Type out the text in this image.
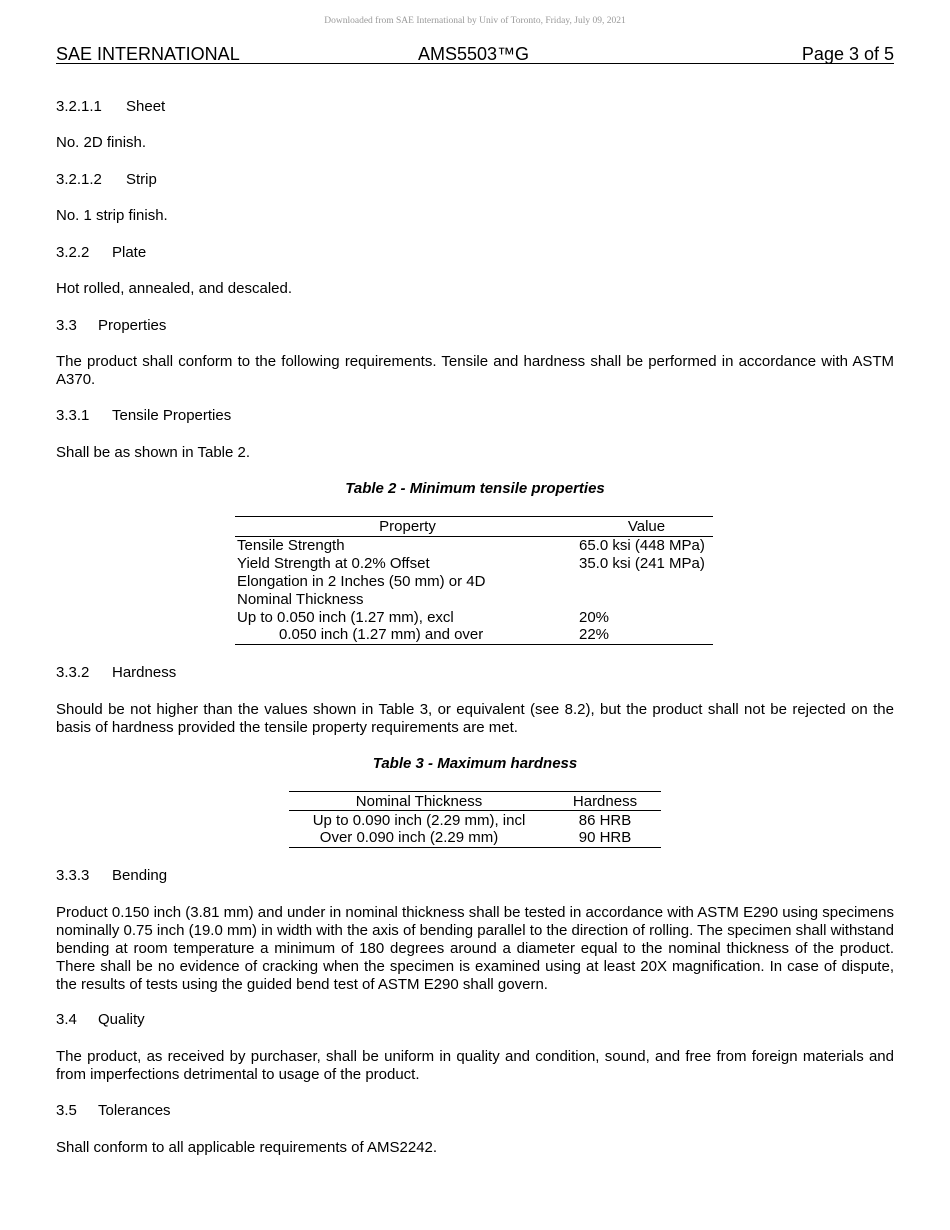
Downloaded from SAE International by Univ of Toronto, Friday, July 09, 2021
SAE INTERNATIONAL	AMS5503™G	Page 3 of 5
3.2.1.1 Sheet
No. 2D finish.
3.2.1.2 Strip
No. 1 strip finish.
3.2.2 Plate
Hot rolled, annealed, and descaled.
3.3 Properties
The product shall conform to the following requirements. Tensile and hardness shall be performed in accordance with ASTM A370.
3.3.1 Tensile Properties
Shall be as shown in Table 2.
Table 2 - Minimum tensile properties
Property	Value
Tensile Strength	65.0 ksi (448 MPa)
Yield Strength at 0.2% Offset	35.0 ksi (241 MPa)
Elongation in 2 Inches (50 mm) or 4D
Nominal Thickness
Up to 0.050 inch (1.27 mm), excl	20%
0.050 inch (1.27 mm) and over	22%
3.3.2 Hardness
Should be not higher than the values shown in Table 3, or equivalent (see 8.2), but the product shall not be rejected on the basis of hardness provided the tensile property requirements are met.
Table 3 - Maximum hardness
Nominal Thickness	Hardness
Up to 0.090 inch (2.29 mm), incl	86 HRB
Over 0.090 inch (2.29 mm)	90 HRB
3.3.3 Bending
Product 0.150 inch (3.81 mm) and under in nominal thickness shall be tested in accordance with ASTM E290 using specimens nominally 0.75 inch (19.0 mm) in width with the axis of bending parallel to the direction of rolling. The specimen shall withstand bending at room temperature a minimum of 180 degrees around a diameter equal to the nominal thickness of the product. There shall be no evidence of cracking when the specimen is examined using at least 20X magnification. In case of dispute, the results of tests using the guided bend test of ASTM E290 shall govern.
3.4 Quality
The product, as received by purchaser, shall be uniform in quality and condition, sound, and free from foreign materials and from imperfections detrimental to usage of the product.
3.5 Tolerances
Shall conform to all applicable requirements of AMS2242.
